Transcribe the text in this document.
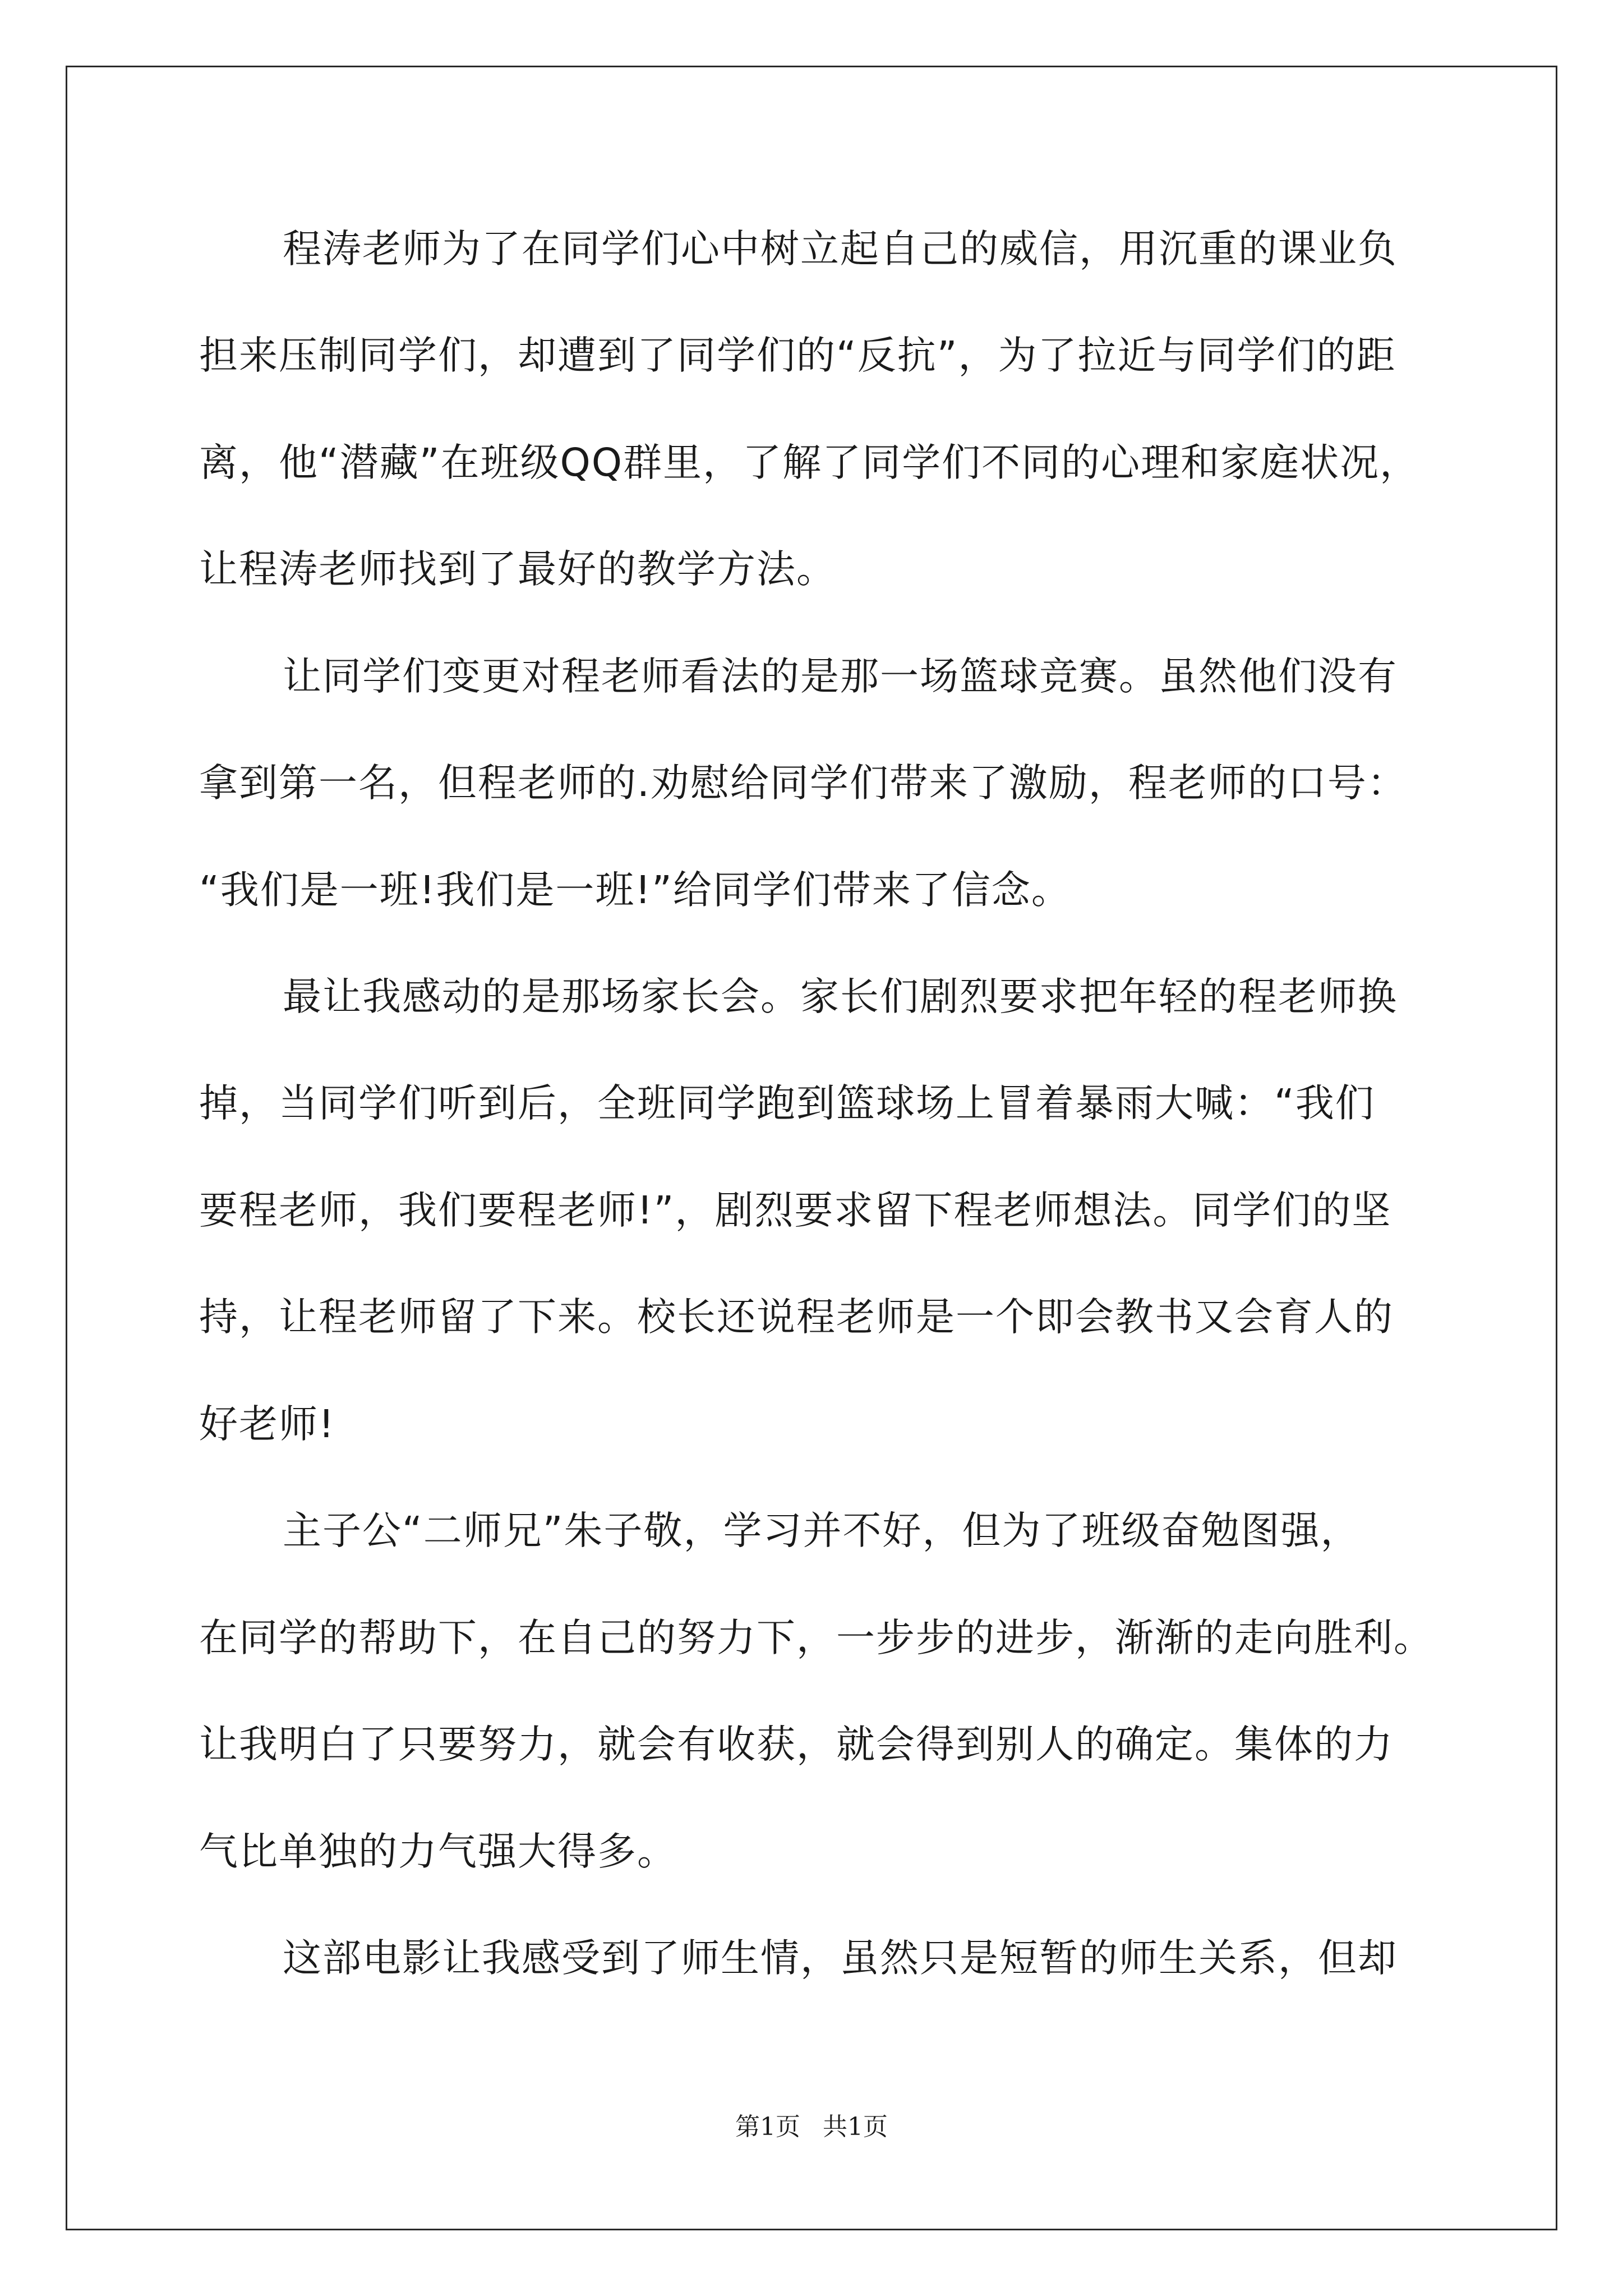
程涛老师为了在同学们心中树立起自己的威信，用沉重的课业负

担来压制同学们，却遭到了同学们的“反抗”，为了拉近与同学们的距

离，他“潜藏”在班级QQ群里，了解了同学们不同的心理和家庭状况，

让程涛老师找到了最好的教学方法。

让同学们变更对程老师看法的是那一场篮球竞赛。虽然他们没有

拿到第一名，但程老师的.劝慰给同学们带来了激励，程老师的口号：

“我们是一班!我们是一班!”给同学们带来了信念。

最让我感动的是那场家长会。家长们剧烈要求把年轻的程老师换

掉，当同学们听到后，全班同学跑到篮球场上冒着暴雨大喊：“我们

要程老师，我们要程老师!”，剧烈要求留下程老师想法。同学们的坚

持，让程老师留了下来。校长还说程老师是一个即会教书又会育人的

好老师!

主子公“二师兄”朱子敬，学习并不好，但为了班级奋勉图强，

在同学的帮助下，在自己的努力下，一步步的进步，渐渐的走向胜利。

让我明白了只要努力，就会有收获，就会得到别人的确定。集体的力

气比单独的力气强大得多。

这部电影让我感受到了师生情，虽然只是短暂的师生关系，但却

第1页 共1页
